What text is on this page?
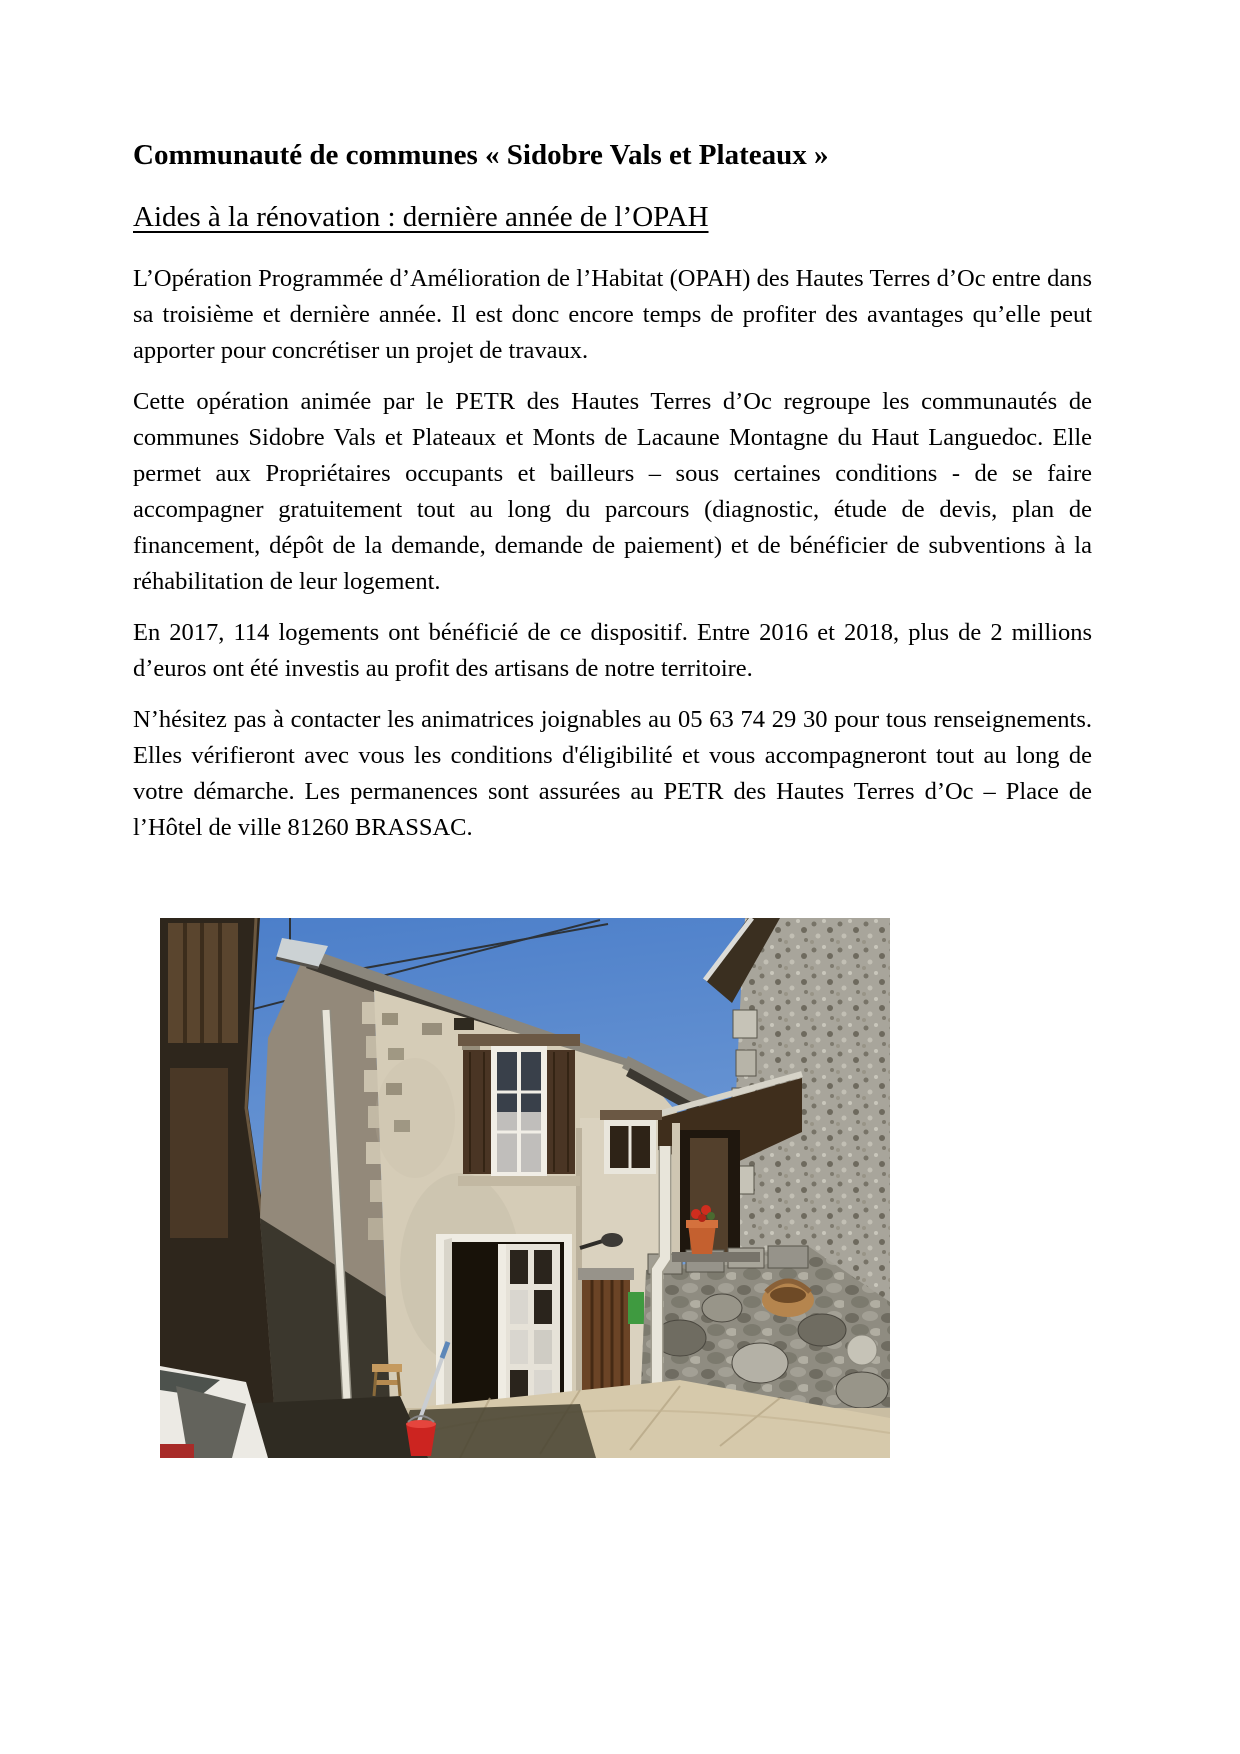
Communauté de communes « Sidobre Vals et Plateaux »
Aides à la rénovation : dernière année de l’OPAH

L’Opération Programmée d’Amélioration de l’Habitat (OPAH) des Hautes Terres d’Oc entre dans sa troisième et dernière année. Il est donc encore temps de profiter des avantages qu’elle peut apporter pour concrétiser un projet de travaux.

Cette opération animée par le PETR des Hautes Terres d’Oc regroupe les communautés de communes Sidobre Vals et Plateaux et Monts de Lacaune Montagne du Haut Languedoc. Elle permet aux Propriétaires occupants et bailleurs – sous certaines conditions - de se faire accompagner gratuitement tout au long du parcours (diagnostic, étude de devis, plan de financement, dépôt de la demande, demande de paiement) et de bénéficier de subventions à la réhabilitation de leur logement.

En 2017, 114 logements ont bénéficié de ce dispositif. Entre 2016 et 2018, plus de 2 millions d’euros ont été investis au profit des artisans de notre territoire.

N’hésitez pas à contacter les animatrices joignables au 05 63 74 29 30 pour tous renseignements. Elles vérifieront avec vous les conditions d'éligibilité et vous accompagneront tout au long de votre démarche. Les permanences sont assurées au PETR des Hautes Terres d’Oc – Place de l’Hôtel de ville 81260 BRASSAC.
